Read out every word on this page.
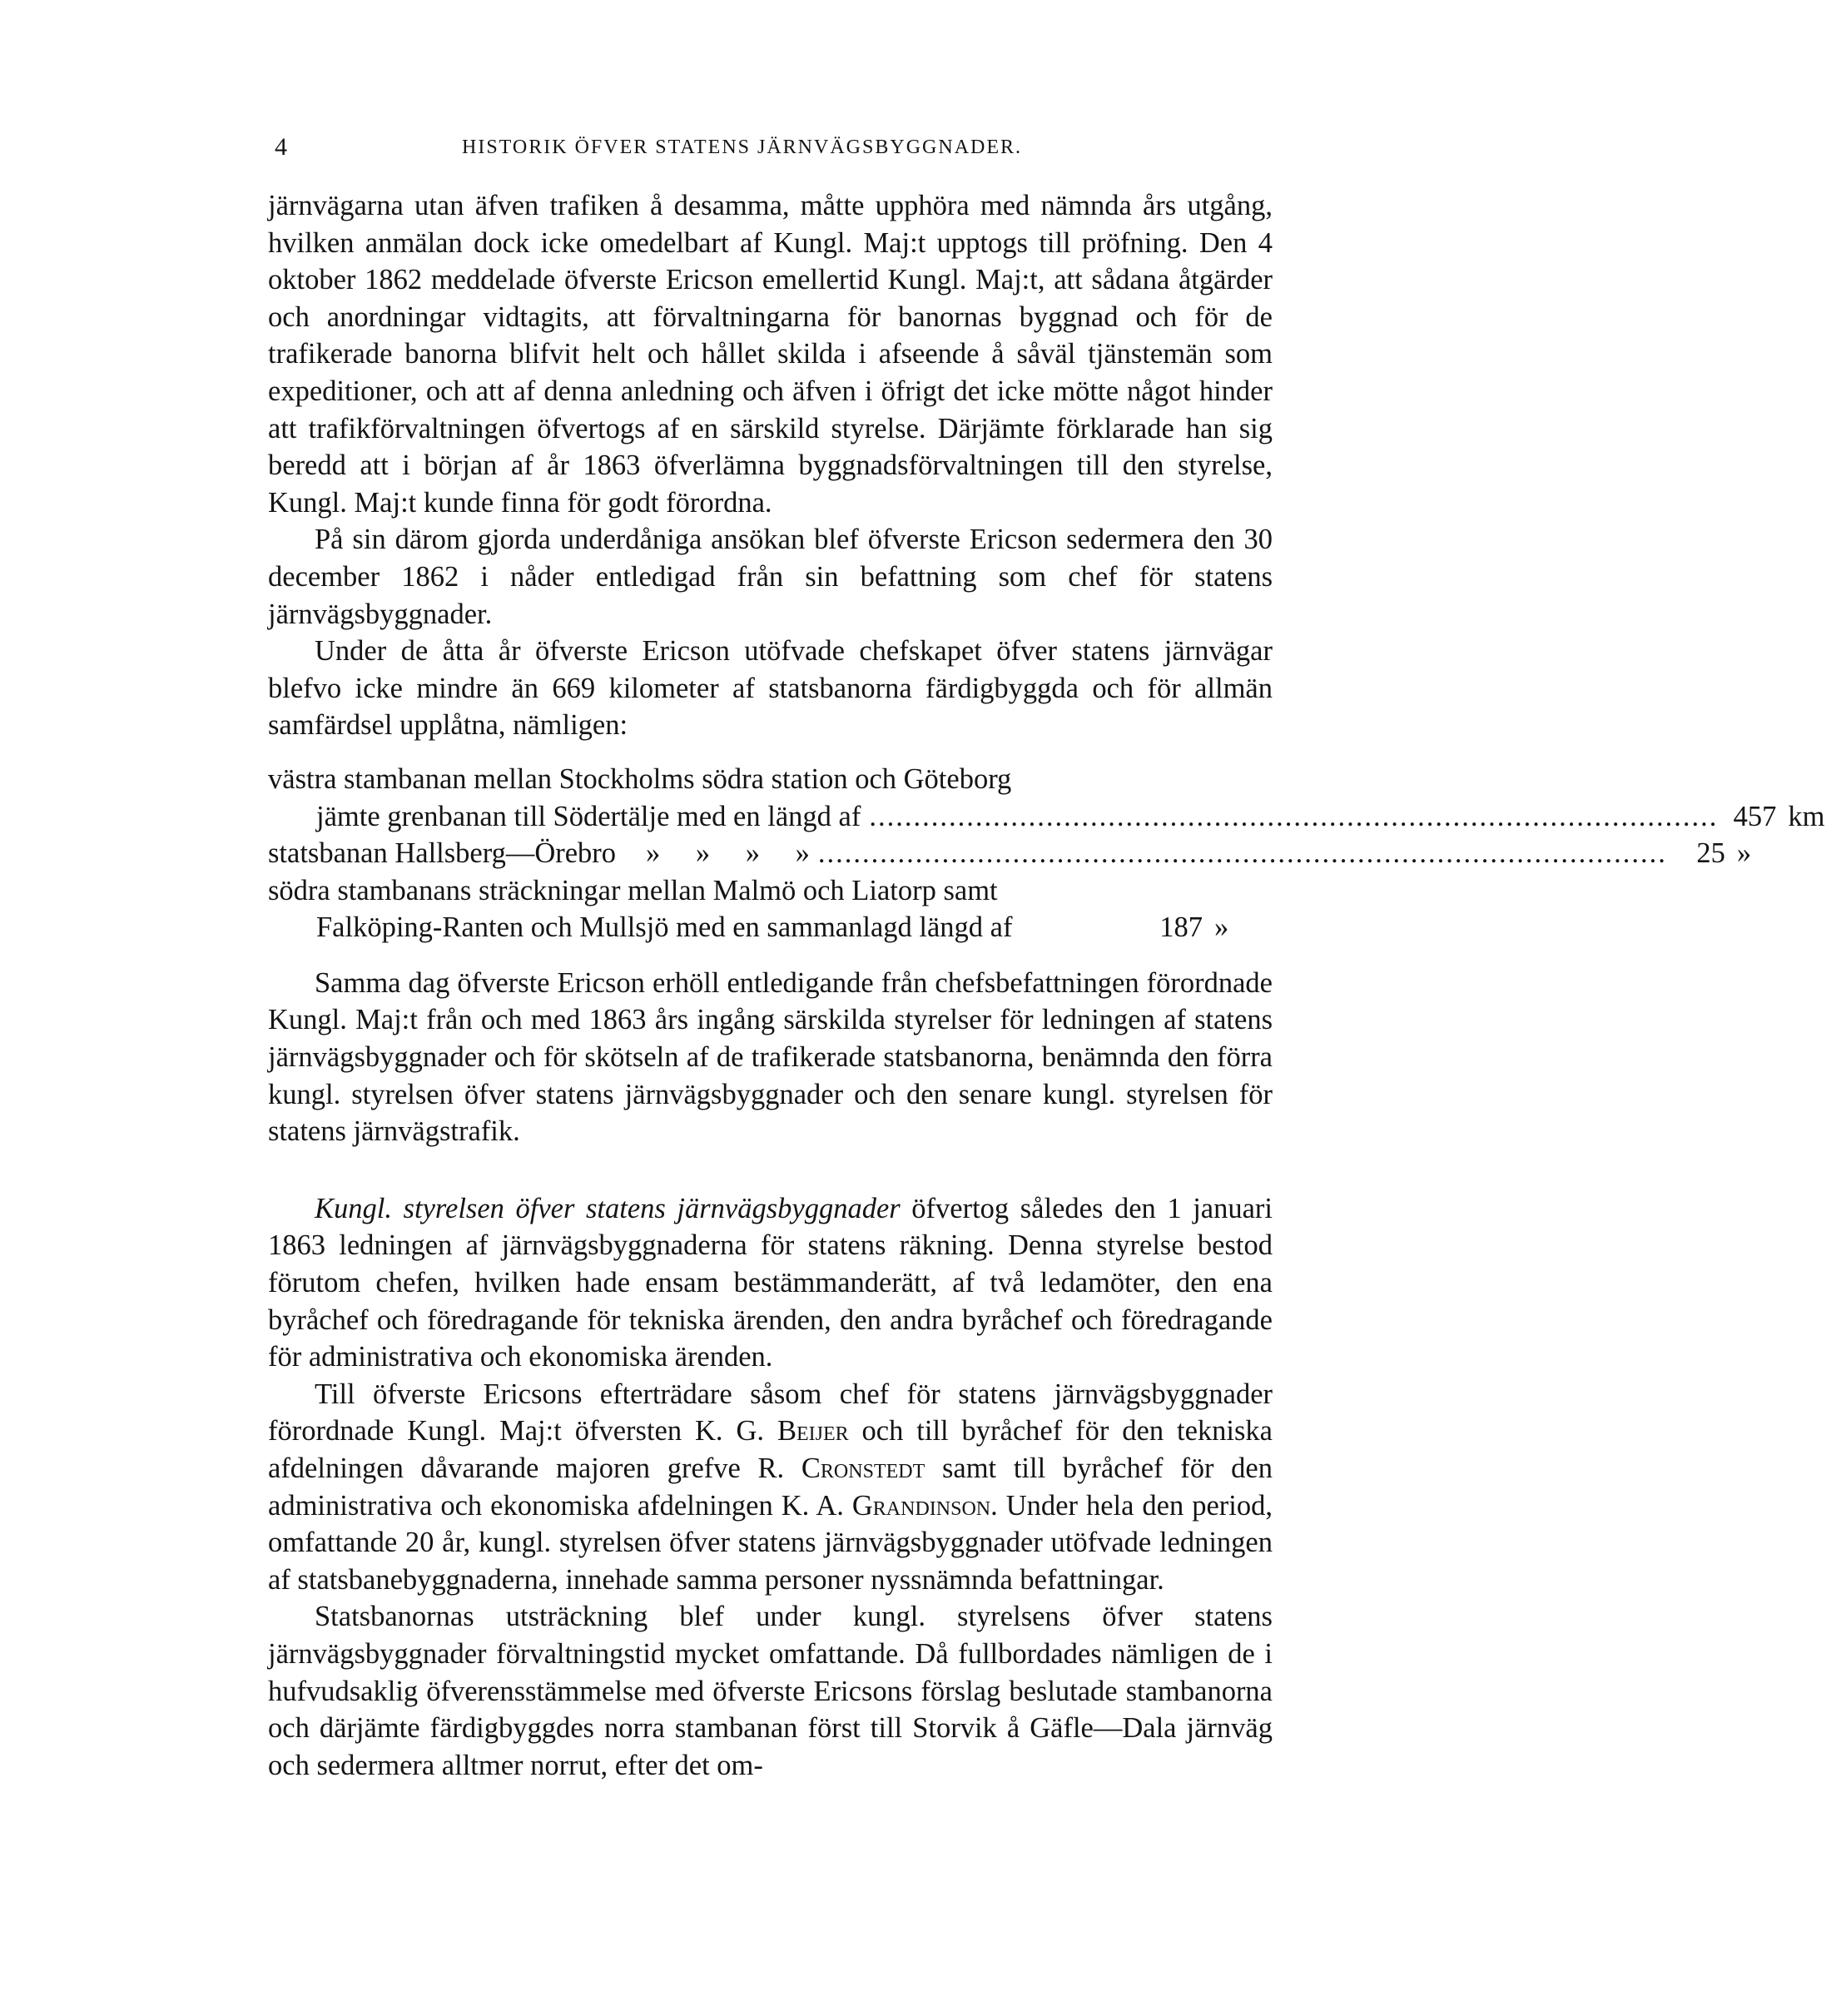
4	HISTORIK ÖFVER STATENS JÄRNVÄGSBYGGNADER.

järnvägarna utan äfven trafiken å desamma, måtte upphöra med nämnda års utgång, hvilken anmälan dock icke omedelbart af Kungl. Maj:t upptogs till pröfning. Den 4 oktober 1862 meddelade öfverste Ericson emellertid Kungl. Maj:t, att sådana åtgärder och anordningar vidtagits, att förvaltningarna för banornas byggnad och för de trafikerade banorna blifvit helt och hållet skilda i afseende å såväl tjänstemän som expeditioner, och att af denna anledning och äfven i öfrigt det icke mötte något hinder att trafikförvaltningen öfvertogs af en särskild styrelse. Därjämte förklarade han sig beredd att i början af år 1863 öfverlämna byggnadsförvaltningen till den styrelse, Kungl. Maj:t kunde finna för godt förordna.

På sin därom gjorda underdåniga ansökan blef öfverste Ericson sedermera den 30 december 1862 i nåder entledigad från sin befattning som chef för statens järnvägsbyggnader.

Under de åtta år öfverste Ericson utöfvade chefskapet öfver statens järnvägar blefvo icke mindre än 669 kilometer af statsbanorna färdigbyggda och för allmän samfärdsel upplåtna, nämligen:

västra stambanan mellan Stockholms södra station och Göteborg
jämte grenbanan till Södertälje med en längd af ................................................................................................ 457 km
statsbanan Hallsberg—Örebro » » » » ................................................................................................	25 »
södra stambanans sträckningar mellan Malmö och Liatorp samt
Falköping-Ranten och Mullsjö med en sammanlagd längd af	187 »

Samma dag öfverste Ericson erhöll entledigande från chefsbefattningen förordnade Kungl. Maj:t från och med 1863 års ingång särskilda styrelser för ledningen af statens järnvägsbyggnader och för skötseln af de trafikerade statsbanorna, benämnda den förra kungl. styrelsen öfver statens järnvägsbyggnader och den senare kungl. styrelsen för statens järnvägstrafik.

Kungl. styrelsen öfver statens järnvägsbyggnader öfvertog således den 1 januari 1863 ledningen af järnvägsbyggnaderna för statens räkning. Denna styrelse bestod förutom chefen, hvilken hade ensam bestämmanderätt, af två ledamöter, den ena byråchef och föredragande för tekniska ärenden, den andra byråchef och föredragande för administrativa och ekonomiska ärenden.

Till öfverste Ericsons efterträdare såsom chef för statens järnvägsbyggnader förordnade Kungl. Maj:t öfversten K. G. Beijer och till byråchef för den tekniska afdelningen dåvarande majoren grefve R. Cronstedt samt till byråchef för den administrativa och ekonomiska afdelningen K. A. Grandinson. Under hela den period, omfattande 20 år, kungl. styrelsen öfver statens järnvägsbyggnader utöfvade ledningen af statsbanebyggnaderna, innehade samma personer nyssnämnda befattningar.

Statsbanornas utsträckning blef under kungl. styrelsens öfver statens järnvägsbyggnader förvaltningstid mycket omfattande. Då fullbordades nämligen de i hufvudsaklig öfverensstämmelse med öfverste Ericsons förslag beslutade stambanorna och därjämte färdigbyggdes norra stambanan först till Storvik å Gäfle—Dala järnväg och sedermera alltmer norrut, efter det om-
